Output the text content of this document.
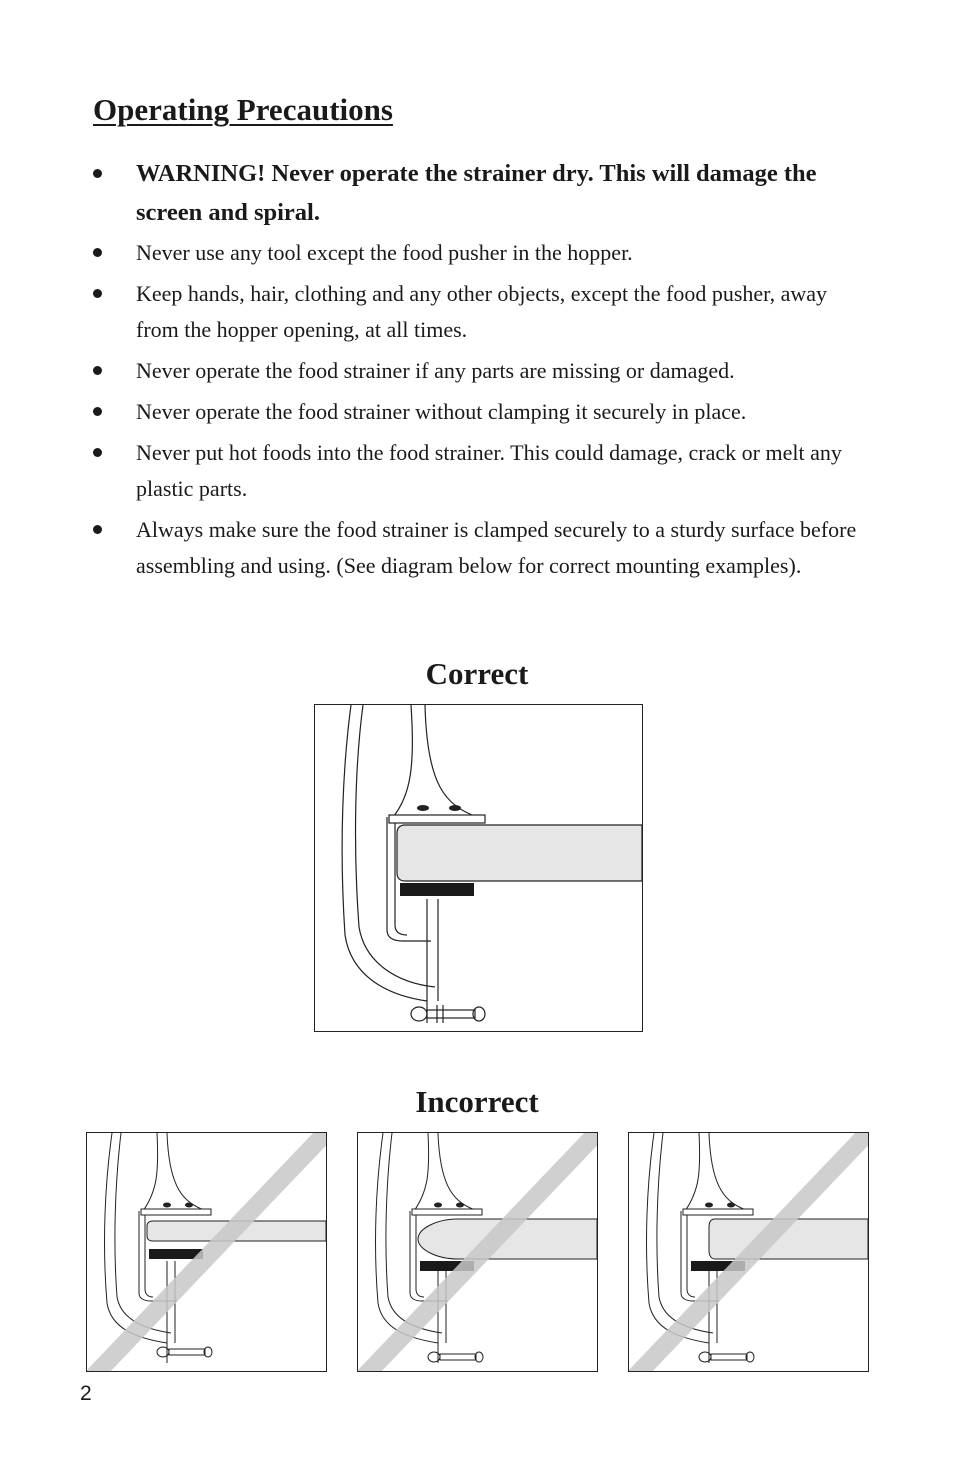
Operating Precautions
WARNING! Never operate the strainer dry. This will damage the screen and spiral.
Never use any tool except the food pusher in the hopper.
Keep hands, hair, clothing and any other objects, except the food pusher, away from the hopper opening, at all times.
Never operate the food strainer if any parts are missing or damaged.
Never operate the food strainer without clamping it securely in place.
Never put hot foods into the food strainer. This could damage, crack or melt any plastic parts.
Always make sure the food strainer is clamped securely to a sturdy surface before assembling and using. (See diagram below for correct mounting examples).
Correct
Incorrect
2
